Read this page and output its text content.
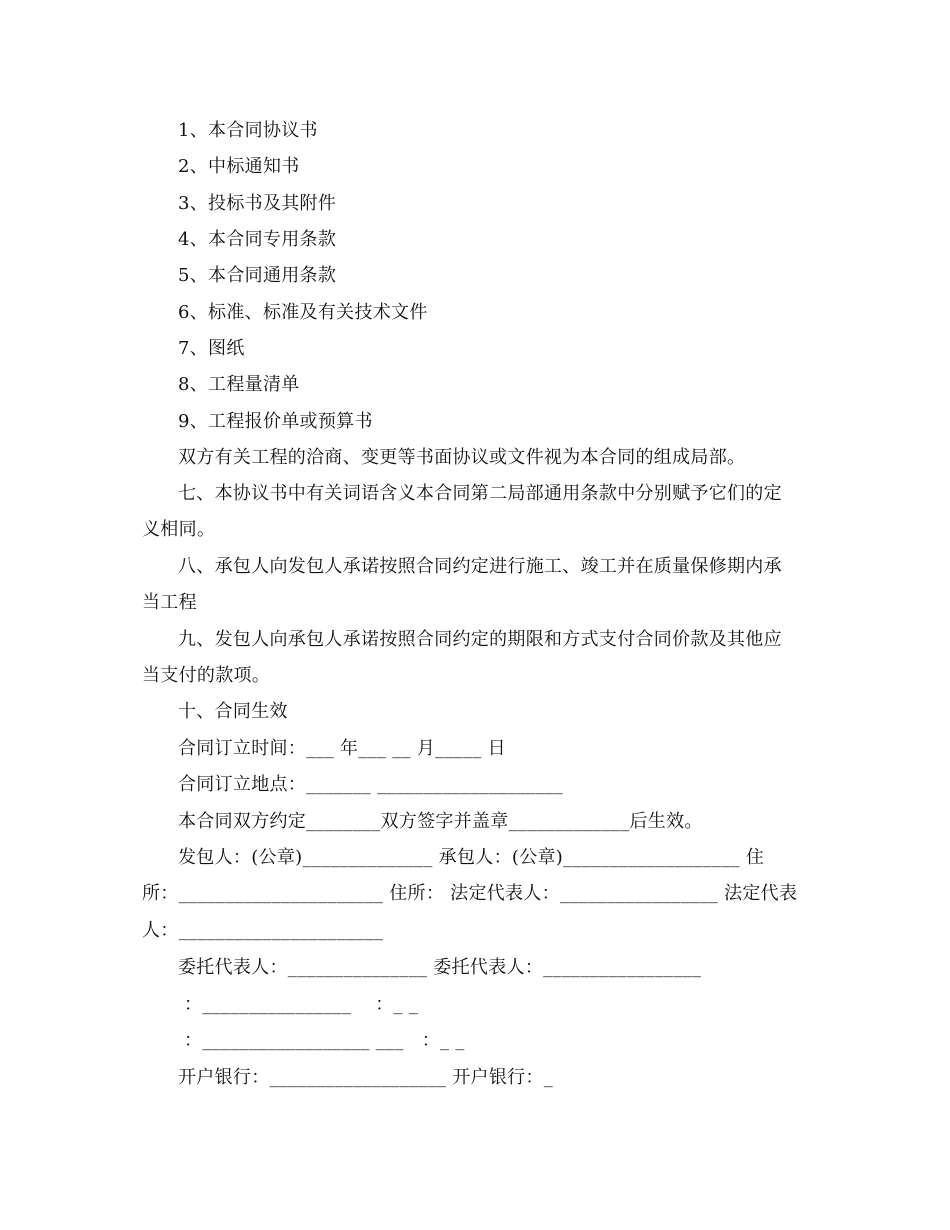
1、本合同协议书
2、中标通知书
3、投标书及其附件
4、本合同专用条款
5、本合同通用条款
6、标准、标准及有关技术文件
7、图纸
8、工程量清单
9、工程报价单或预算书
双方有关工程的洽商、变更等书面协议或文件视为本合同的组成局部。
七、本协议书中有关词语含义本合同第二局部通用条款中分别赋予它们的定
义相同。
八、承包人向发包人承诺按照合同约定进行施工、竣工并在质量保修期内承
当工程
九、发包人向承包人承诺按照合同约定的期限和方式支付合同价款及其他应
当支付的款项。
十、合同生效
合同订立时间：___ 年___ __ 月_____ 日
合同订立地点：_______ ____________________
本合同双方约定________双方签字并盖章_____________后生效。
发包人：(公章)______________ 承包人：(公章)___________________ 住
所：______________________ 住所： 法定代表人：_________________ 法定代表
人：______________________
委托代表人：_______________ 委托代表人：_________________
：________________    ：_ _
：__________________ ___   ：_ _
开户银行：___________________ 开户银行：_
